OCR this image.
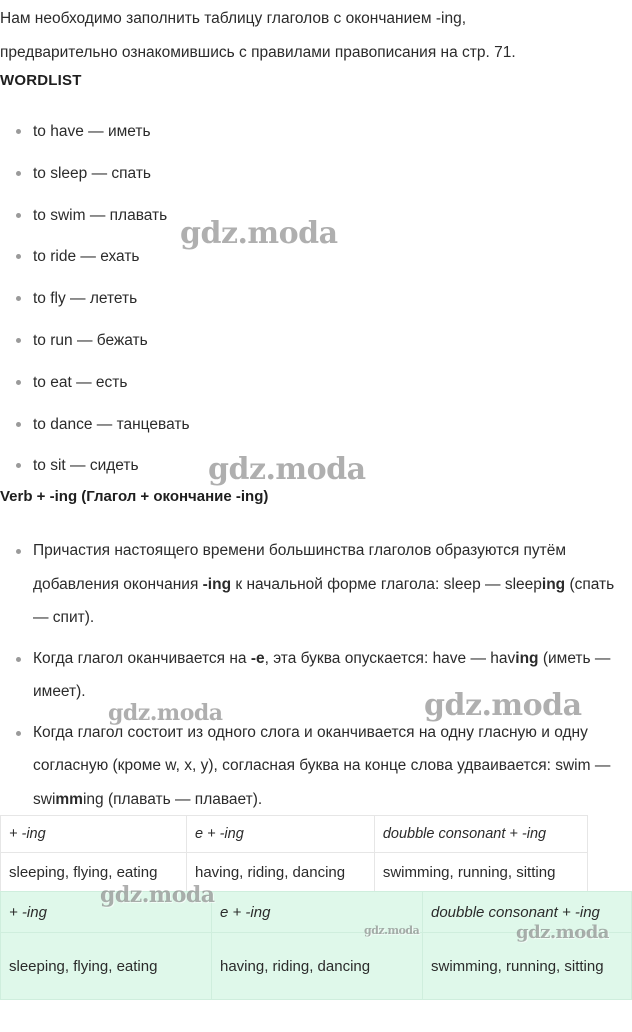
Нам необходимо заполнить таблицу глаголов с окончанием -ing,
предварительно ознакомившись с правилами правописания на стр. 71.
WORDLIST
to have — иметь
to sleep — спать
to swim — плавать
to ride — ехать
to fly — лететь
to run — бежать
to eat — есть
to dance — танцевать
to sit — сидеть
Verb + -ing (Глагол + окончание -ing)
Причастия настоящего времени большинства глаголов образуются путём добавления окончания -ing к начальной форме глагола: sleep — sleeping (спать — спит).
Когда глагол оканчивается на -e, эта буква опускается: have — having (иметь — имеет).
Когда глагол состоит из одного слога и оканчивается на одну гласную и одну согласную (кроме w, x, y), согласная буква на конце слова удваивается: swim — swimming (плавать — плавает).
+ -ing	e + -ing	doubble consonant + -ing
sleeping, flying, eating	having, riding, dancing	swimming, running, sitting
+ -ing	e + -ing	doubble consonant + -ing
sleeping, flying, eating	having, riding, dancing	swimming, running, sitting
gdz.moda
gdz.moda
gdz.moda	gdz.moda
gdz.moda
gdz.moda	gdz.moda
